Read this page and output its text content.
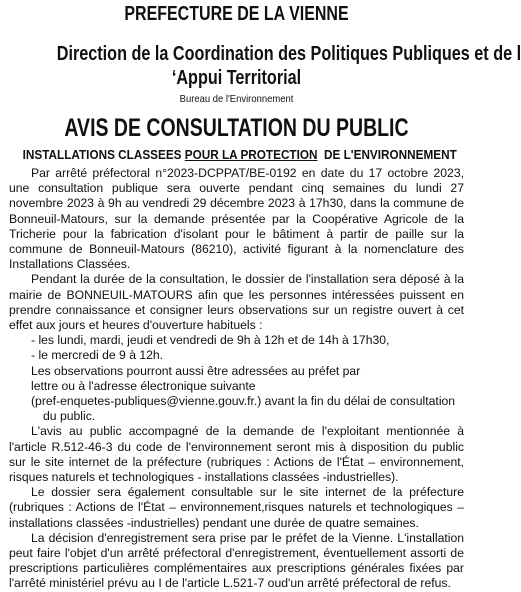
PREFECTURE DE LA VIENNE
Direction de la Coordination des Politiques Publiques et de l
‘Appui Territorial
Bureau de l'Environnement
AVIS DE CONSULTATION DU PUBLIC
INSTALLATIONS CLASSEES POUR LA PROTECTION  DE L'ENVIRONNEMENT

Par arrêté préfectoral n°2023-DCPPAT/BE-0192 en date du 17 octobre 2023, une consultation publique sera ouverte pendant cinq semaines du lundi 27 novembre 2023 à 9h au vendredi 29 décembre 2023 à 17h30, dans la commune de Bonneuil-Matours, sur la demande présentée par la Coopérative Agricole de la Tricherie pour la fabrication d'isolant pour le bâtiment à partir de paille sur la commune de Bonneuil-Matours (86210), activité figurant à la nomenclature des Installations Classées.

Pendant la durée de la consultation, le dossier de l'installation sera déposé à la mairie de BONNEUIL-MATOURS afin que les personnes intéressées puissent en prendre connaissance et consigner leurs observations sur un registre ouvert à cet effet aux jours et heures d'ouverture habituels :

- les lundi, mardi, jeudi et vendredi de 9h à 12h et de 14h à 17h30,

- le mercredi de 9 à 12h.

Les observations pourront aussi être adressées au préfet par
lettre ou à l'adresse électronique suivante
(pref-enquetes-publiques@vienne.gouv.fr.) avant la fin du délai de consultation
du public.

L'avis au public accompagné de la demande de l'exploitant mentionnée à l'article R.512-46-3 du code de l'environnement seront mis à disposition du public sur le site internet de la préfecture (rubriques : Actions de l'État – environnement, risques naturels et technologiques - installations classées -industrielles).

Le dossier sera également consultable sur le site internet de la préfecture (rubriques : Actions de l'État – environnement,risques naturels et technologiques – installations classées -industrielles) pendant une durée de quatre semaines.

La décision d'enregistrement sera prise par le préfet de la Vienne. L'installation peut faire l'objet d'un arrêté préfectoral d'enregistrement, éventuellement assorti de prescriptions particulières complémentaires aux prescriptions générales fixées par l'arrêté ministériel prévu au I de l'article L.521-7 oud'un arrêté préfectoral de refus.
